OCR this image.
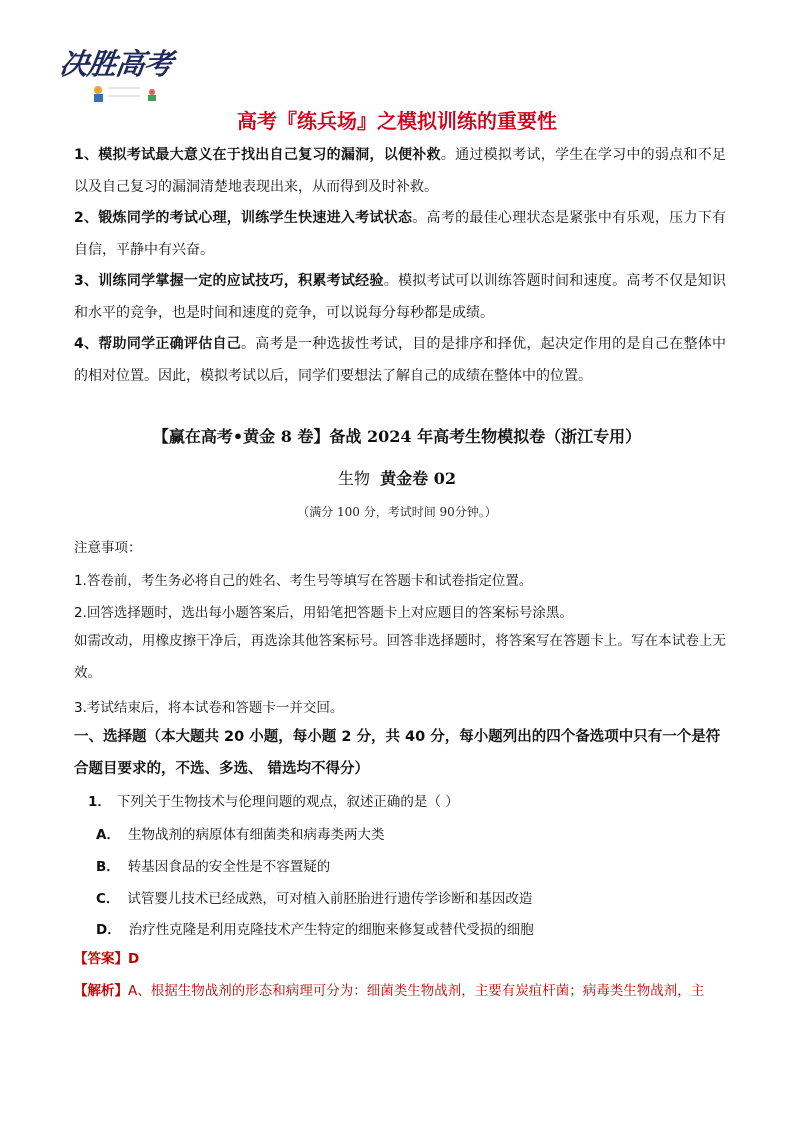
决胜高考
高考『练兵场』之模拟训练的重要性

1、模拟考试最大意义在于找出自己复习的漏洞，以便补救。通过模拟考试，学生在学习中的弱点和不足以及自己复习的漏洞清楚地表现出来，从而得到及时补救。

2、锻炼同学的考试心理，训练学生快速进入考试状态。高考的最佳心理状态是紧张中有乐观，压力下有自信，平静中有兴奋。

3、训练同学掌握一定的应试技巧，积累考试经验。模拟考试可以训练答题时间和速度。高考不仅是知识和水平的竞争，也是时间和速度的竞争，可以说每分每秒都是成绩。

4、帮助同学正确评估自己。高考是一种选拔性考试，目的是排序和择优，起决定作用的是自己在整体中的相对位置。因此，模拟考试以后，同学们要想法了解自己的成绩在整体中的位置。

【赢在高考•黄金 8 卷】备战 2024 年高考生物模拟卷（浙江专用）
生物 黄金卷 02
（满分 100 分，考试时间 90分钟。）
注意事项：
1.答卷前，考生务必将自己的姓名、考生号等填写在答题卡和试卷指定位置。
2.回答选择题时，选出每小题答案后，用铅笔把答题卡上对应题目的答案标号涂黑。

如需改动，用橡皮擦干净后，再选涂其他答案标号。回答非选择题时，将答案写在答题卡上。写在本试卷上无效。

3.考试结束后，将本试卷和答题卡一并交回。

一、选择题（本大题共 20 小题，每小题 2 分，共 40 分，每小题列出的四个备选项中只有一个是符合题目要求的，不选、多选、 错选均不得分）

1． 下列关于生物技术与伦理问题的观点，叙述正确的是（ ）
A． 生物战剂的病原体有细菌类和病毒类两大类
B． 转基因食品的安全性是不容置疑的
C． 试管婴儿技术已经成熟，可对植入前胚胎进行遗传学诊断和基因改造
D． 治疗性克隆是利用克隆技术产生特定的细胞来修复或替代受损的细胞
【答案】D
【解析】A、根据生物战剂的形态和病理可分为：细菌类生物战剂，主要有炭疽杆菌；病毒类生物战剂，主
